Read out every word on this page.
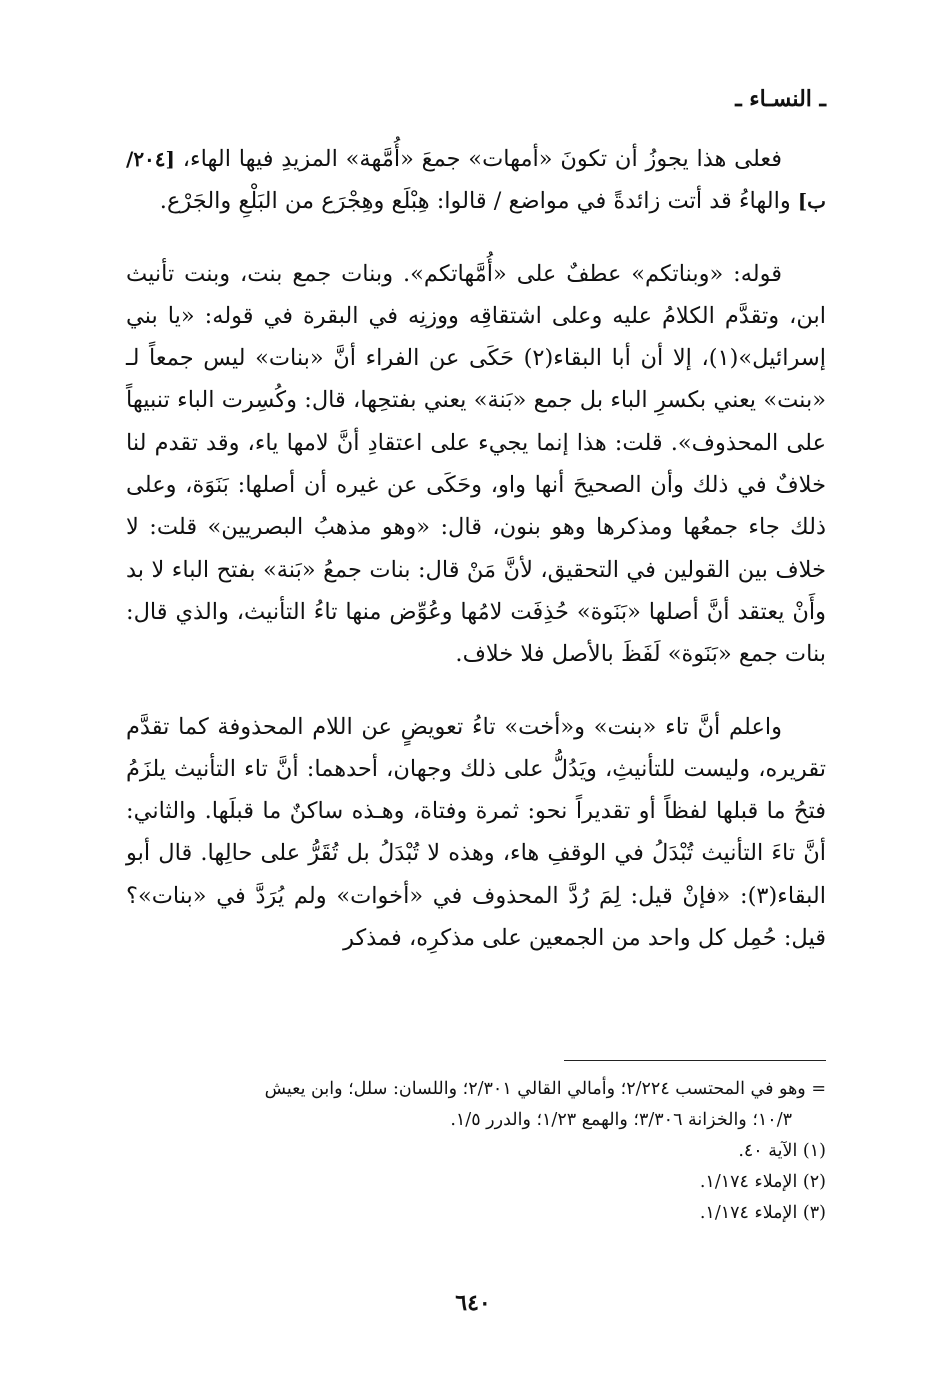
ـ النسـاء ـ

فعلى هذا يجوزُ أن تكونَ «أمهات» جمعَ «أُمَّهة» المزيدِ فيها الهاء، [٢٠٤/ب] والهاءُ قد أتت زائدةً في مواضع / قالوا: هِبْلَع وهِجْرَع من البَلْعِ والجَرْع.

قوله: «وبناتكم» عطفٌ على «أُمَّهاتكم». وبنات جمع بنت، وبنت تأنيث ابن، وتقدَّم الكلامُ عليه وعلى اشتقاقِه ووزنِه في البقرة في قوله: «يا بني إسرائيل»(١)، إلا أن أبا البقاء(٢) حَكَى عن الفراء أنَّ «بنات» ليس جمعاً لـ «بنت» يعني بكسرِ الباء بل جمع «بَنة» يعني بفتحِها، قال: وكُسِرت الباء تنبيهاً على المحذوف». قلت: هذا إنما يجيء على اعتقادِ أنَّ لامها ياء، وقد تقدم لنا خلافٌ في ذلك وأن الصحيحَ أنها واو، وحَكَى عن غيره أن أصلها: بَنَوَة، وعلى ذلك جاء جمعُها ومذكرها وهو بنون، قال: «وهو مذهبُ البصريين» قلت: لا خلاف بين القولين في التحقيق، لأنَّ مَنْ قال: بنات جمعُ «بَنة» بفتح الباء لا بد وأَنْ يعتقد أنَّ أصلها «بَنَوة» حُذِفَت لامُها وعُوِّض منها تاءُ التأنيث، والذي قال: بنات جمع «بَنَوة» لَفَظَ بالأصل فلا خلاف.

واعلم أنَّ تاء «بنت» و«أخت» تاءُ تعويضٍ عن اللام المحذوفة كما تقدَّم تقريره، وليست للتأنيثِ، ويَدُلُّ على ذلك وجهان، أحدهما: أنَّ تاء التأنيث يلزَمُ فتحُ ما قبلها لفظاً أو تقديراً نحو: ثمرة وفتاة، وهـذه ساكنٌ ما قبلَها. والثاني: أنَّ تاءَ التأنيث تُبْدَلُ في الوقفِ هاء، وهذه لا تُبْدَلُ بل تُقَرُّ على حالِها. قال أبو البقاء(٣): «فإنْ قيل: لِمَ رُدَّ المحذوف في «أخوات» ولم يُرَدَّ في «بنات»؟ قيل: حُمِل كل واحد من الجمعين على مذكرِه، فمذكر

= وهو في المحتسب ٢/٢٢٤؛ وأمالي القالي ٢/٣٠١؛ واللسان: سلل؛ وابن يعيش
١٠/٣؛ والخزانة ٣/٣٠٦؛ والهمع ١/٢٣؛ والدرر ١/٥.
(١) الآية ٤٠.
(٢) الإملاء ١/١٧٤.
(٣) الإملاء ١/١٧٤.
٦٤٠
